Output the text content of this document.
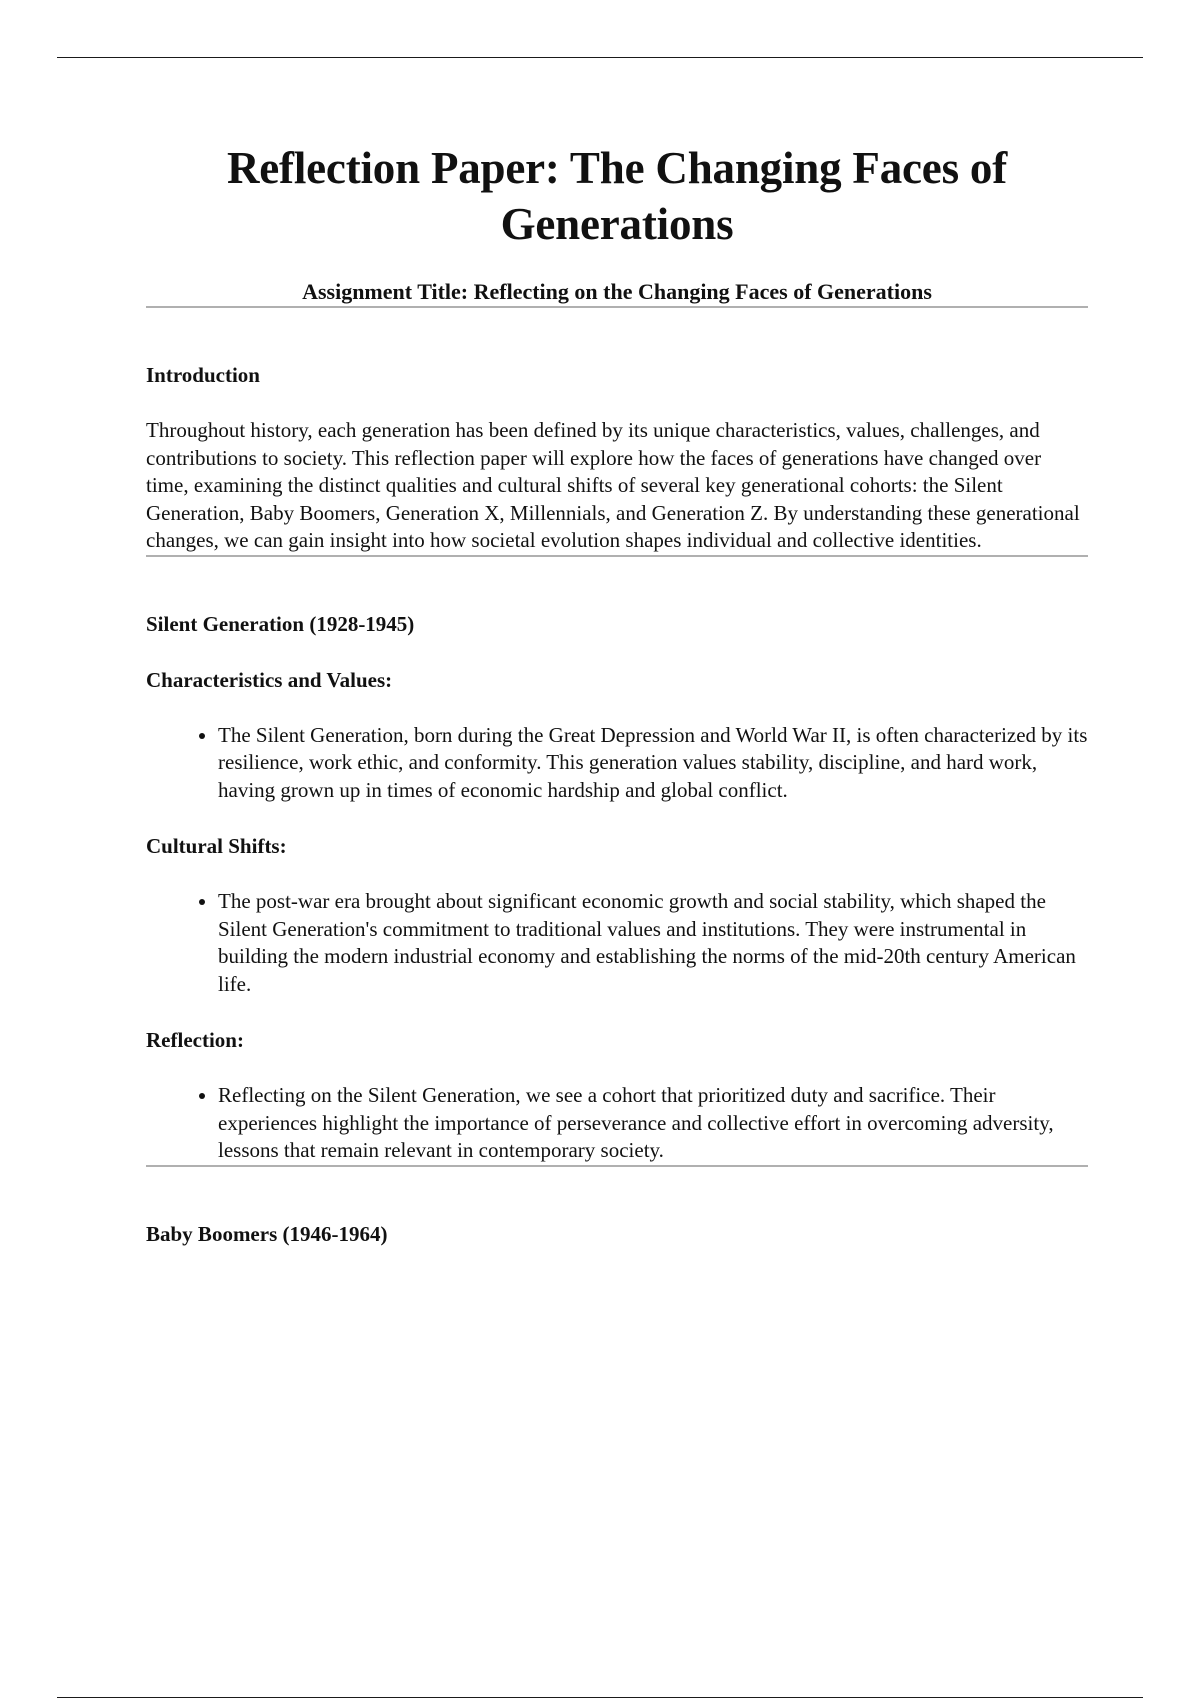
Reflection Paper: The Changing Faces of Generations
Assignment Title: Reflecting on the Changing Faces of Generations
Introduction
Throughout history, each generation has been defined by its unique characteristics, values, challenges, and contributions to society. This reflection paper will explore how the faces of generations have changed over time, examining the distinct qualities and cultural shifts of several key generational cohorts: the Silent Generation, Baby Boomers, Generation X, Millennials, and Generation Z. By understanding these generational changes, we can gain insight into how societal evolution shapes individual and collective identities.
Silent Generation (1928-1945)
Characteristics and Values:
• The Silent Generation, born during the Great Depression and World War II, is often characterized by its resilience, work ethic, and conformity. This generation values stability, discipline, and hard work, having grown up in times of economic hardship and global conflict.
Cultural Shifts:
• The post-war era brought about significant economic growth and social stability, which shaped the Silent Generation's commitment to traditional values and institutions. They were instrumental in building the modern industrial economy and establishing the norms of the mid-20th century American life.
Reflection:
• Reflecting on the Silent Generation, we see a cohort that prioritized duty and sacrifice. Their experiences highlight the importance of perseverance and collective effort in overcoming adversity, lessons that remain relevant in contemporary society.
Baby Boomers (1946-1964)
